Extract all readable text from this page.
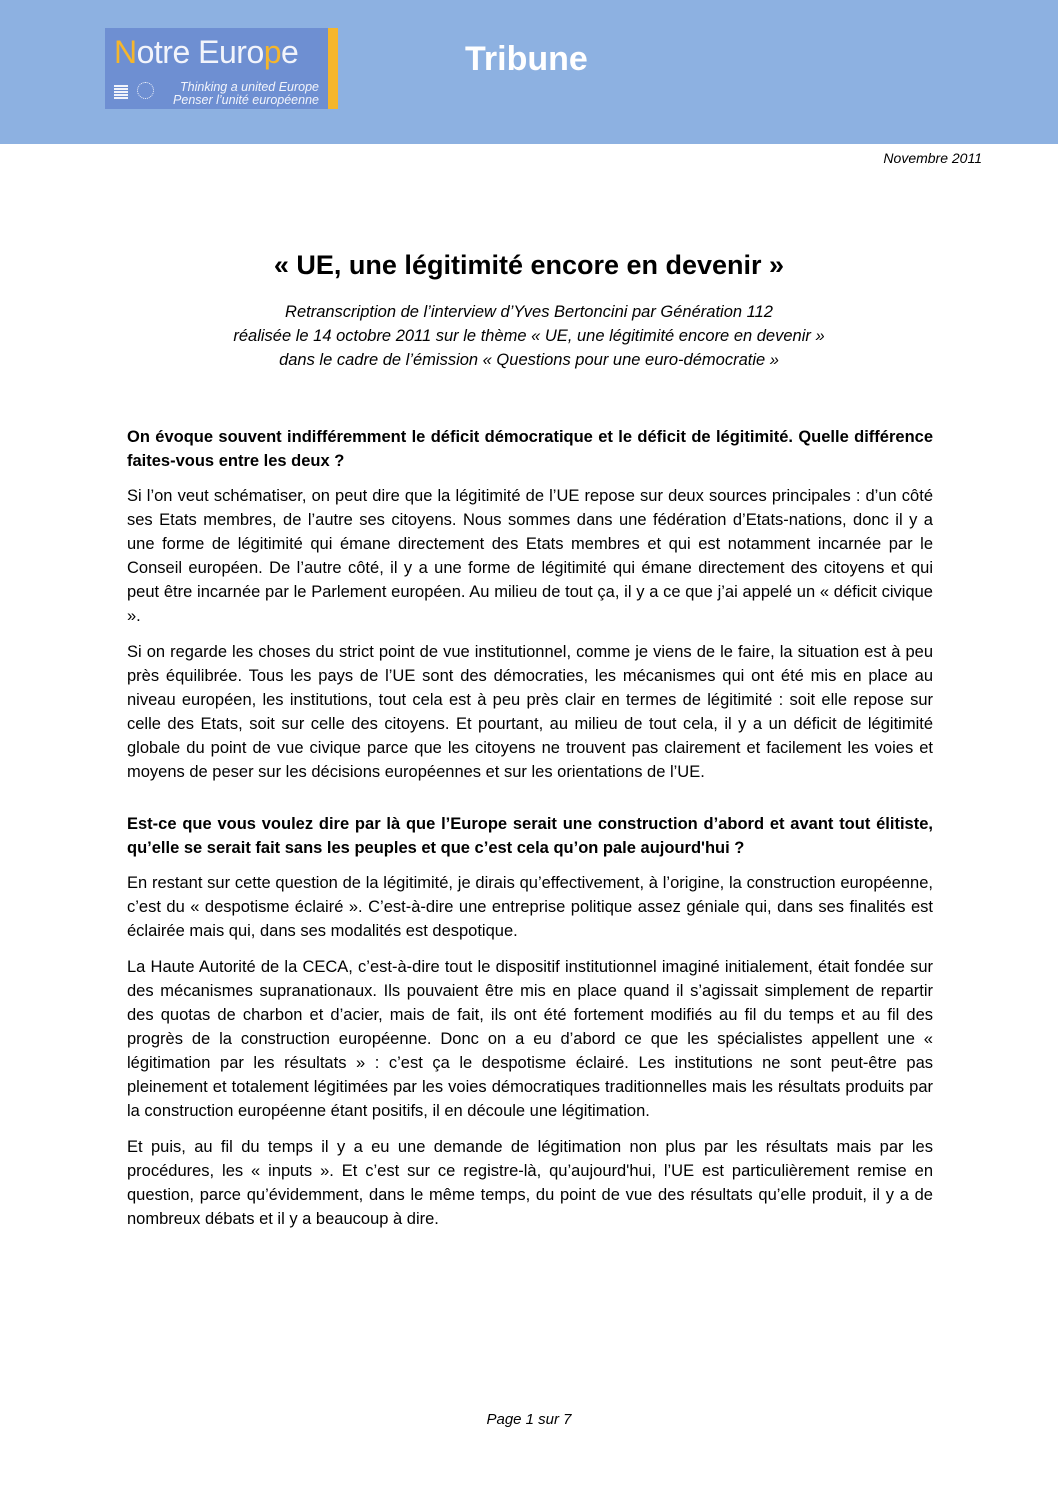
Notre Europe
Thinking a united Europe
Penser l’unité européenne
Tribune
Novembre 2011
« UE, une légitimité encore en devenir »
Retranscription de l’interview d’Yves Bertoncini par Génération 112
réalisée le 14 octobre 2011 sur le thème « UE, une légitimité encore en devenir »
dans le cadre de l’émission « Questions pour une euro-démocratie »

On évoque souvent indifféremment le déficit démocratique et le déficit de légitimité. Quelle différence faites-vous entre les deux ?

Si l’on veut schématiser, on peut dire que la légitimité de l’UE repose sur deux sources principales : d’un côté ses Etats membres, de l’autre ses citoyens. Nous sommes dans une fédération d’Etats-nations, donc il y a une forme de légitimité qui émane directement des Etats membres et qui est notamment incarnée par le Conseil européen. De l’autre côté, il y a une forme de légitimité qui émane directement des citoyens et qui peut être incarnée par le Parlement européen. Au milieu de tout ça, il y a ce que j’ai appelé un « déficit civique ».

Si on regarde les choses du strict point de vue institutionnel, comme je viens de le faire, la situation est à peu près équilibrée. Tous les pays de l’UE sont des démocraties, les mécanismes qui ont été mis en place au niveau européen, les institutions, tout cela est à peu près clair en termes de légitimité : soit elle repose sur celle des Etats, soit sur celle des citoyens. Et pourtant, au milieu de tout cela, il y a un déficit de légitimité globale du point de vue civique parce que les citoyens ne trouvent pas clairement et facilement les voies et moyens de peser sur les décisions européennes et sur les orientations de l’UE.

Est-ce que vous voulez dire par là que l’Europe serait une construction d’abord et avant tout élitiste, qu’elle se serait fait sans les peuples et que c’est cela qu’on pale aujourd'hui ?

En restant sur cette question de la légitimité, je dirais qu’effectivement, à l’origine, la construction européenne, c’est du « despotisme éclairé ». C’est-à-dire une entreprise politique assez géniale qui, dans ses finalités est éclairée mais qui, dans ses modalités est despotique.

La Haute Autorité de la CECA, c’est-à-dire tout le dispositif institutionnel imaginé initialement, était fondée sur des mécanismes supranationaux. Ils pouvaient être mis en place quand il s’agissait simplement de repartir des quotas de charbon et d’acier, mais de fait, ils ont été fortement modifiés au fil du temps et au fil des progrès de la construction européenne. Donc on a eu d’abord ce que les spécialistes appellent une « légitimation par les résultats » : c’est ça le despotisme éclairé. Les institutions ne sont peut-être pas pleinement et totalement légitimées par les voies démocratiques traditionnelles mais les résultats produits par la construction européenne étant positifs, il en découle une légitimation.

Et puis, au fil du temps il y a eu une demande de légitimation non plus par les résultats mais par les procédures, les « inputs ». Et c’est sur ce registre-là, qu’aujourd'hui, l’UE est particulièrement remise en question, parce qu’évidemment, dans le même temps, du point de vue des résultats qu’elle produit, il y a de nombreux débats et il y a beaucoup à dire.

Page 1 sur 7
